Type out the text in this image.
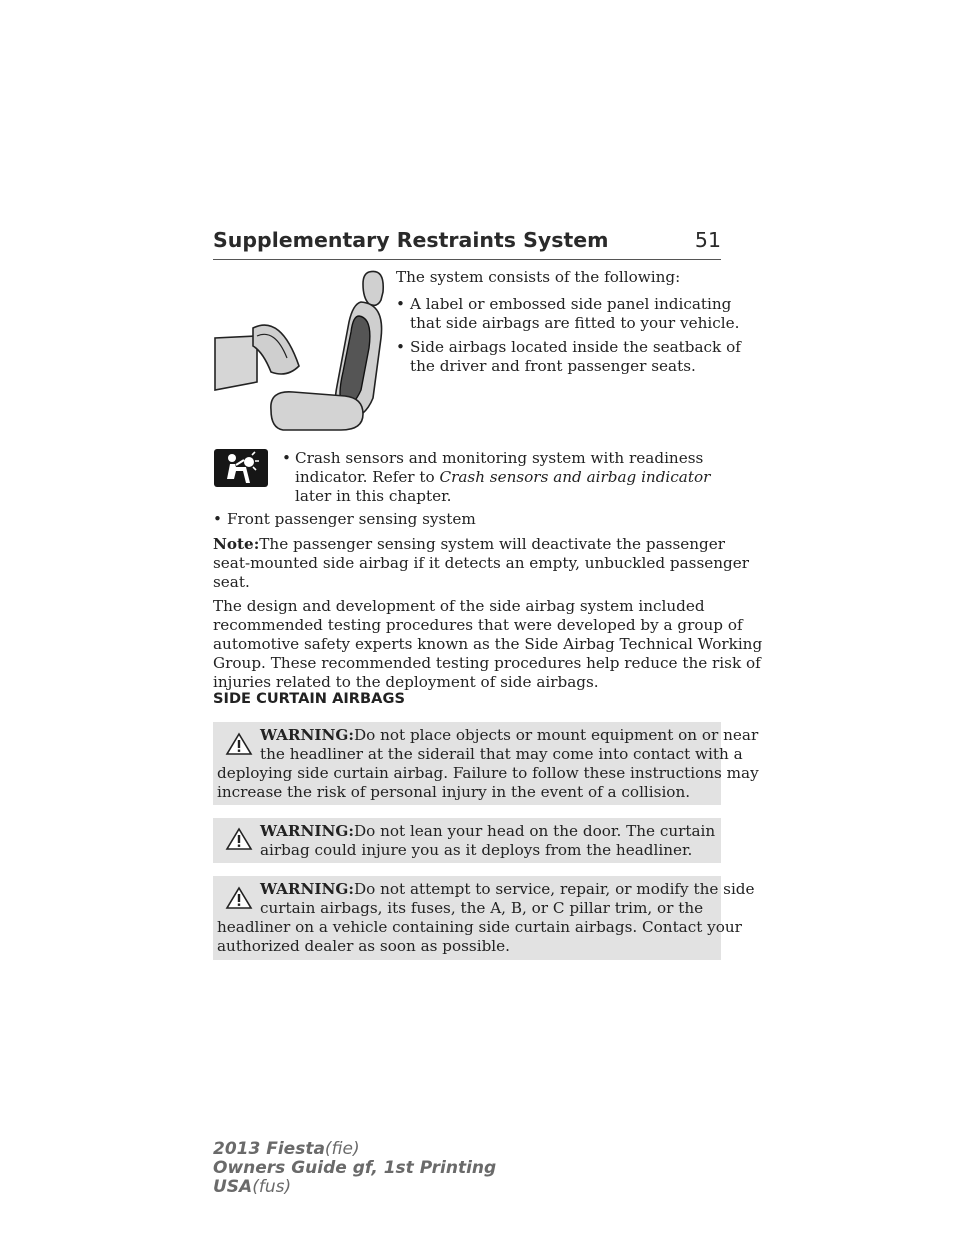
Supplementary Restraints System	51
The system consists of the following:
• A label or embossed side panel indicating
that side airbags are fitted to your vehicle.
• Side airbags located inside the seatback of
the driver and front passenger seats.
• Crash sensors and monitoring system with readiness
indicator. Refer to Crash sensors and airbag indicator
later in this chapter.
• Front passenger sensing system
Note:The passenger sensing system will deactivate the passenger
seat-mounted side airbag if it detects an empty, unbuckled passenger
seat.
The design and development of the side airbag system included
recommended testing procedures that were developed by a group of
automotive safety experts known as the Side Airbag Technical Working
Group. These recommended testing procedures help reduce the risk of
injuries related to the deployment of side airbags.
SIDE CURTAIN AIRBAGS
WARNING:Do not place objects or mount equipment on or near
the headliner at the siderail that may come into contact with a
deploying side curtain airbag. Failure to follow these instructions may
increase the risk of personal injury in the event of a collision.
WARNING:Do not lean your head on the door. The curtain
airbag could injure you as it deploys from the headliner.
WARNING:Do not attempt to service, repair, or modify the side
curtain airbags, its fuses, the A, B, or C pillar trim, or the
headliner on a vehicle containing side curtain airbags. Contact your
authorized dealer as soon as possible.
2013 Fiesta(fie)
Owners Guide gf, 1st Printing
USA(fus)
